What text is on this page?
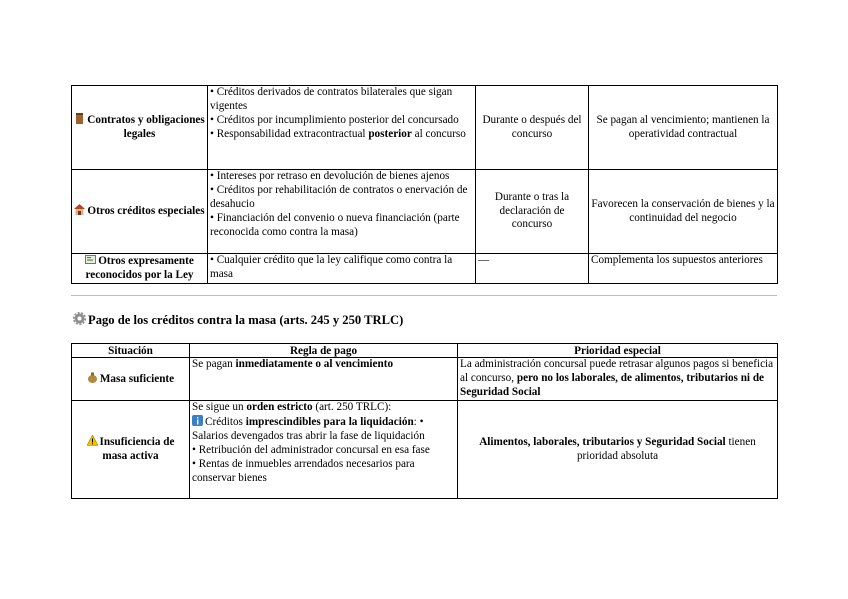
Contratos y obligaciones legales	• Créditos derivados de contratos bilaterales que sigan vigentes
• Créditos por incumplimiento posterior del concursado
• Responsabilidad extracontractual posterior al concurso	Durante o después del concurso	Se pagan al vencimiento; mantienen la operatividad contractual
Otros créditos especiales	• Intereses por retraso en devolución de bienes ajenos
• Créditos por rehabilitación de contratos o enervación de desahucio
• Financiación del convenio o nueva financiación (parte reconocida como contra la masa)	Durante o tras la declaración de concurso	Favorecen la conservación de bienes y la continuidad del negocio
Otros expresamente reconocidos por la Ley	• Cualquier crédito que la ley califique como contra la masa	—	Complementa los supuestos anteriores
Pago de los créditos contra la masa (arts. 245 y 250 TRLC)
Situación	Regla de pago	Prioridad especial
Masa suficiente	Se pagan inmediatamente o al vencimiento	La administración concursal puede retrasar algunos pagos si beneficia al concurso, pero no los laborales, de alimentos, tributarios ni de Seguridad Social
Insuficiencia de masa activa	Se sigue un orden estricto (art. 250 TRLC):
Créditos imprescindibles para la liquidación: • Salarios devengados tras abrir la fase de liquidación
• Retribución del administrador concursal en esa fase
• Rentas de inmuebles arrendados necesarios para conservar bienes	Alimentos, laborales, tributarios y Seguridad Social tienen prioridad absoluta
